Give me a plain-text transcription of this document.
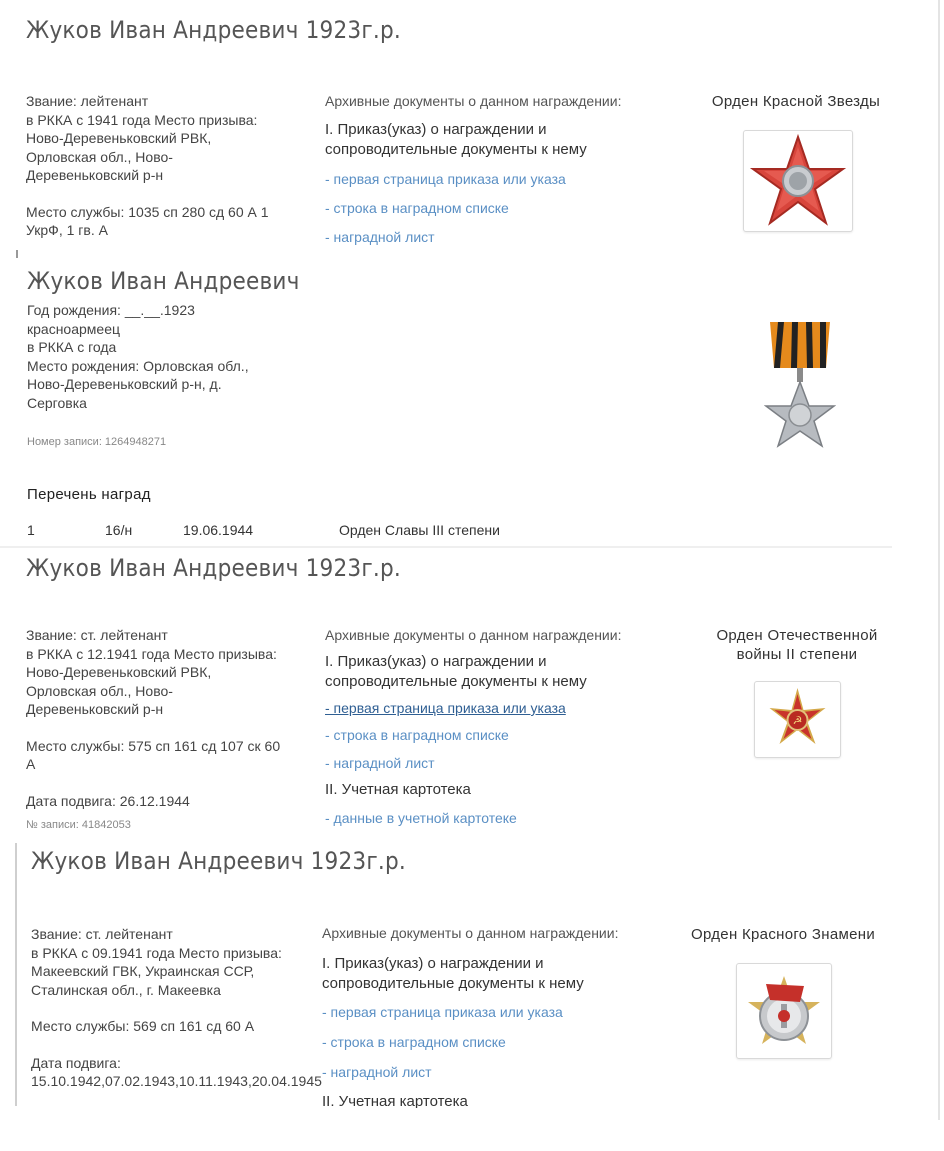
Жуков Иван Андреевич 1923г.р.
Звание: лейтенант
в РККА с 1941 года Место призыва:
Ново-Деревеньковский РВК,
Орловская обл., Ново-
Деревеньковский р-н
Место службы: 1035 сп 280 сд 60 А 1
УкрФ, 1 гв. А
Архивные документы о данном награждении:
I. Приказ(указ) о награждении и
сопроводительные документы к нему
- первая страница приказа или указа
- строка в наградном списке
- наградной лист
Орден Красной Звезды
Жуков Иван Андреевич
Год рождения: __.__.1923
красноармеец
в РККА с года
Место рождения: Орловская обл.,
Ново-Деревеньковский р-н, д.
Серговка
Номер записи: 1264948271
Перечень наград
1	16/н	19.06.1944	Орден Славы III степени
Жуков Иван Андреевич 1923г.р.
Звание: ст. лейтенант
в РККА с 12.1941 года Место призыва:
Ново-Деревеньковский РВК,
Орловская обл., Ново-
Деревеньковский р-н
Место службы: 575 сп 161 сд 107 ск 60
А
Дата подвига: 26.12.1944
№ записи: 41842053
Архивные документы о данном награждении:
I. Приказ(указ) о награждении и
сопроводительные документы к нему
- первая страница приказа или указа
- строка в наградном списке
- наградной лист
II. Учетная картотека
- данные в учетной картотеке
Орден Отечественной
войны II степени
☭
Жуков Иван Андреевич 1923г.р.
Звание: ст. лейтенант
в РККА с 09.1941 года Место призыва:
Макеевский ГВК, Украинская ССР,
Сталинская обл., г. Макеевка
Место службы: 569 сп 161 сд 60 А
Дата подвига:
15.10.1942,07.02.1943,10.11.1943,20.04.1945
Архивные документы о данном награждении:
I. Приказ(указ) о награждении и
сопроводительные документы к нему
- первая страница приказа или указа
- строка в наградном списке
- наградной лист
II. Учетная картотека
Орден Красного Знамени
